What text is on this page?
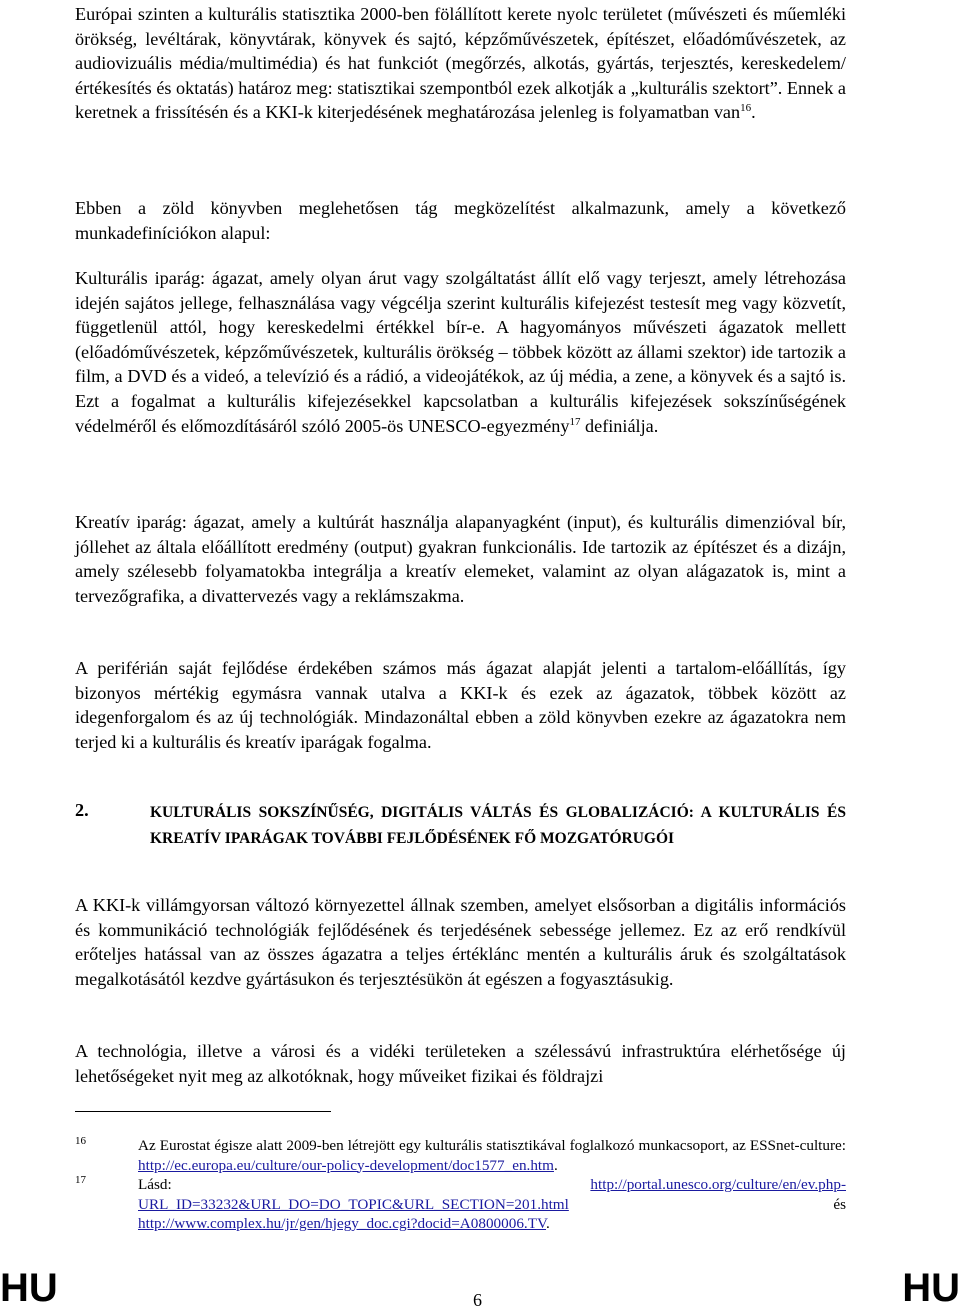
Európai szinten a kulturális statisztika 2000-ben fölállított kerete nyolc területet (művészeti és műemléki örökség, levéltárak, könyvtárak, könyvek és sajtó, képzőművészetek, építészet, előadóművészetek, az audiovizuális média/multimédia) és hat funkciót (megőrzés, alkotás, gyártás, terjesztés, kereskedelem/értékesítés és oktatás) határoz meg: statisztikai szempontból ezek alkotják a „kulturális szektort”. Ennek a keretnek a frissítésén és a KKI-k kiterjedésének meghatározása jelenleg is folyamatban van$^{16}$.

Ebben a zöld könyvben meglehetősen tág megközelítést alkalmazunk, amely a következő munkadefiníciókon alapul:

Kulturális iparág: ágazat, amely olyan árut vagy szolgáltatást állít elő vagy terjeszt, amely létrehozása idején sajátos jellege, felhasználása vagy végcélja szerint kulturális kifejezést testesít meg vagy közvetít, függetlenül attól, hogy kereskedelmi értékkel bír-e. A hagyományos művészeti ágazatok mellett (előadóművészetek, képzőművészetek, kulturális örökség – többek között az állami szektor) ide tartozik a film, a DVD és a videó, a televízió és a rádió, a videojátékok, az új média, a zene, a könyvek és a sajtó is. Ezt a fogalmat a kulturális kifejezésekkel kapcsolatban a kulturális kifejezések sokszínűségének védelméről és előmozdításáról szóló 2005-ös UNESCO-egyezmény$^{17}$ definiálja.

Kreatív iparág: ágazat, amely a kultúrát használja alapanyagként (input), és kulturális dimenzióval bír, jóllehet az általa előállított eredmény (output) gyakran funkcionális. Ide tartozik az építészet és a dizájn, amely szélesebb folyamatokba integrálja a kreatív elemeket, valamint az olyan alágazatok is, mint a tervezőgrafika, a divattervezés vagy a reklámszakma.

A periférián saját fejlődése érdekében számos más ágazat alapját jelenti a tartalom-előállítás, így bizonyos mértékig egymásra vannak utalva a KKI-k és ezek az ágazatok, többek között az idegenforgalom és az új technológiák. Mindazonáltal ebben a zöld könyvben ezekre az ágazatokra nem terjed ki a kulturális és kreatív iparágak fogalma.

2.	KULTURÁLIS SOKSZÍNŰSÉG, DIGITÁLIS VÁLTÁS ÉS GLOBALIZÁCIÓ: A KULTURÁLIS ÉS KREATÍV IPARÁGAK TOVÁBBI FEJLŐDÉSÉNEK FŐ MOZGATÓRUGÓI

A KKI-k villámgyorsan változó környezettel állnak szemben, amelyet elsősorban a digitális információs és kommunikáció technológiák fejlődésének és terjedésének sebessége jellemez. Ez az erő rendkívül erőteljes hatással van az összes ágazatra a teljes értéklánc mentén a kulturális áruk és szolgáltatások megalkotásától kezdve gyártásukon és terjesztésükön át egészen a fogyasztásukig.

A technológia, illetve a városi és a vidéki területeken a szélessávú infrastruktúra elérhetősége új lehetőségeket nyit meg az alkotóknak, hogy műveiket fizikai és földrajzi

16	Az Eurostat égisze alatt 2009-ben létrejött egy kulturális statisztikával foglalkozó munkacsoport, az ESSnet-culture: http://ec.europa.eu/culture/our-policy-development/doc1577_en.htm.
17	Lásd:	http://portal.unesco.org/culture/en/ev.php-
URL_ID=33232&URL_DO=DO_TOPIC&URL_SECTION=201.html	és
http://www.complex.hu/jr/gen/hjegy_doc.cgi?docid=A0800006.TV.
HU	6	HU
